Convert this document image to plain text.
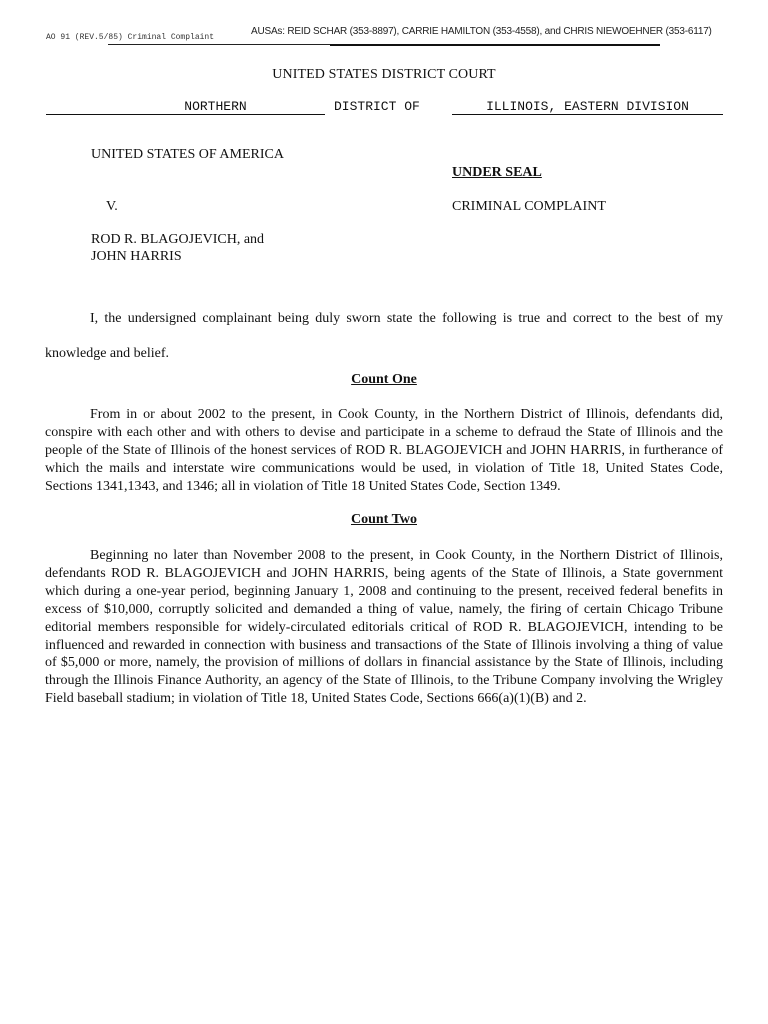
AO 91 (REV.5/85) Criminal Complaint
AUSAs: REID SCHAR (353-8897), CARRIE HAMILTON (353-4558), and CHRIS NIEWOEHNER (353-6117)
UNITED STATES DISTRICT COURT
NORTHERN	DISTRICT OF	ILLINOIS, EASTERN DIVISION
UNITED STATES OF AMERICA
UNDER SEAL
V.	CRIMINAL COMPLAINT
ROD R. BLAGOJEVICH, and
JOHN HARRIS
I, the undersigned complainant being duly sworn state the following is true and correct to the best of my knowledge and belief.
Count One
From in or about 2002 to the present, in Cook County, in the Northern District of Illinois, defendants did, conspire with each other and with others to devise and participate in a scheme to defraud the State of Illinois and the people of the State of Illinois of the honest services of ROD R. BLAGOJEVICH and JOHN HARRIS, in furtherance of which the mails and interstate wire communications would be used, in violation of Title 18, United States Code, Sections 1341,1343, and 1346; all in violation of Title 18 United States Code, Section 1349.
Count Two
Beginning no later than November 2008 to the present, in Cook County, in the Northern District of Illinois, defendants ROD R. BLAGOJEVICH and JOHN HARRIS, being agents of the State of Illinois, a State government which during a one-year period, beginning January 1, 2008 and continuing to the present, received federal benefits in excess of $10,000, corruptly solicited and demanded a thing of value, namely, the firing of certain Chicago Tribune editorial members responsible for widely-circulated editorials critical of ROD R. BLAGOJEVICH, intending to be influenced and rewarded in connection with business and transactions of the State of Illinois involving a thing of value of $5,000 or more, namely, the provision of millions of dollars in financial assistance by the State of Illinois, including through the Illinois Finance Authority, an agency of the State of Illinois, to the Tribune Company involving the Wrigley Field baseball stadium; in violation of Title 18, United States Code, Sections 666(a)(1)(B) and 2.
